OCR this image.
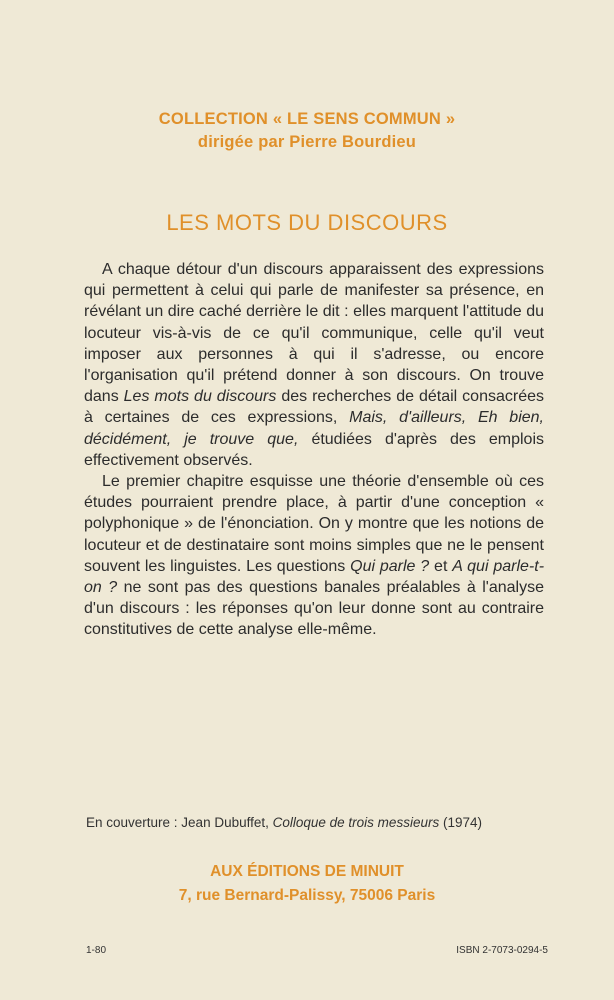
COLLECTION « LE SENS COMMUN »
dirigée par Pierre Bourdieu
LES MOTS DU DISCOURS

A chaque détour d'un discours apparaissent des expressions qui permettent à celui qui parle de manifester sa présence, en révélant un dire caché derrière le dit : elles marquent l'attitude du locuteur vis-à-vis de ce qu'il communique, celle qu'il veut imposer aux personnes à qui il s'adresse, ou encore l'organisation qu'il prétend donner à son discours. On trouve dans Les mots du discours des recherches de détail consacrées à certaines de ces expressions, Mais, d'ailleurs, Eh bien, décidément, je trouve que, étudiées d'après des emplois effectivement observés.

Le premier chapitre esquisse une théorie d'ensemble où ces études pourraient prendre place, à partir d'une conception « polyphonique » de l'énonciation. On y montre que les notions de locuteur et de destinataire sont moins simples que ne le pensent souvent les linguistes. Les questions Qui parle ? et A qui parle-t-on ? ne sont pas des questions banales préalables à l'analyse d'un discours : les réponses qu'on leur donne sont au contraire constitutives de cette analyse elle-même.

En couverture : Jean Dubuffet, Colloque de trois messieurs (1974)
AUX ÉDITIONS DE MINUIT
7, rue Bernard-Palissy, 75006 Paris
1-80	ISBN 2-7073-0294-5
